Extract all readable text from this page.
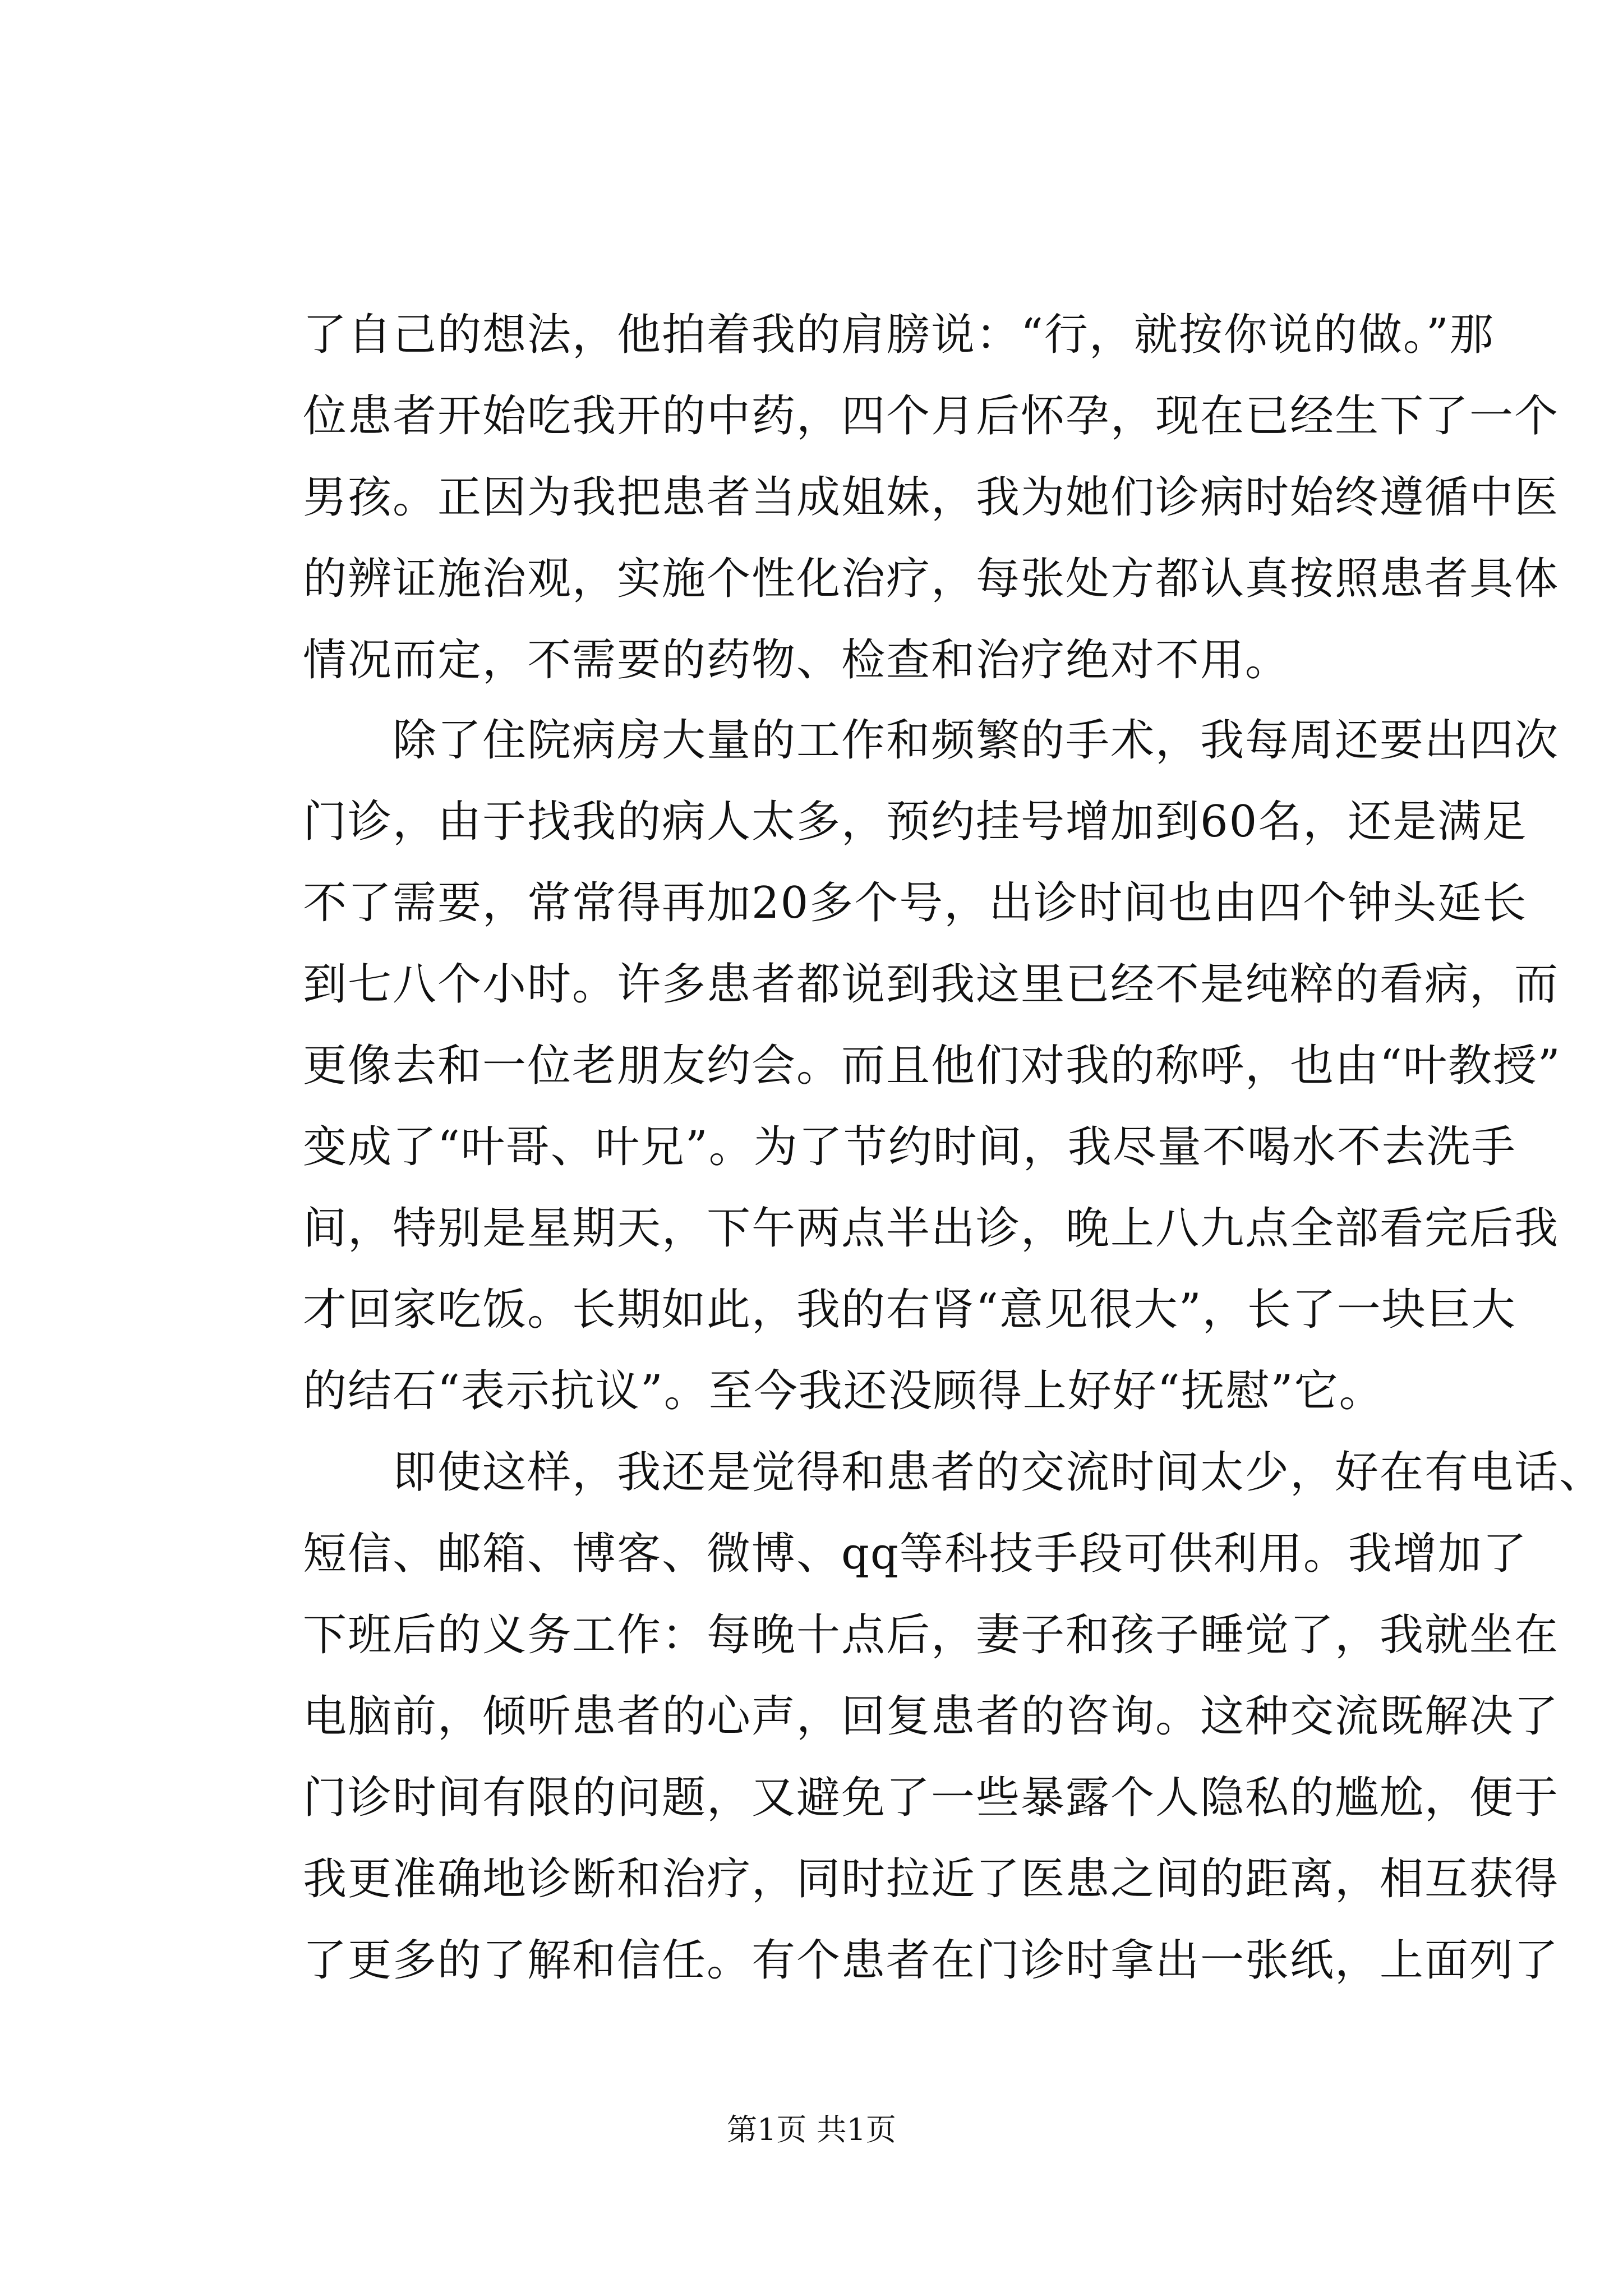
了自己的想法，他拍着我的肩膀说：“行，就按你说的做。”那
位患者开始吃我开的中药，四个月后怀孕，现在已经生下了一个
男孩。正因为我把患者当成姐妹，我为她们诊病时始终遵循中医
的辨证施治观，实施个性化治疗，每张处方都认真按照患者具体
情况而定，不需要的药物、检查和治疗绝对不用。
　　除了住院病房大量的工作和频繁的手术，我每周还要出四次
门诊，由于找我的病人太多，预约挂号增加到60名，还是满足
不了需要，常常得再加20多个号，出诊时间也由四个钟头延长
到七八个小时。许多患者都说到我这里已经不是纯粹的看病，而
更像去和一位老朋友约会。而且他们对我的称呼，也由“叶教授”
变成了“叶哥、叶兄”。为了节约时间，我尽量不喝水不去洗手
间，特别是星期天，下午两点半出诊，晚上八九点全部看完后我
才回家吃饭。长期如此，我的右肾“意见很大”，长了一块巨大
的结石“表示抗议”。至今我还没顾得上好好“抚慰”它。
　　即使这样，我还是觉得和患者的交流时间太少，好在有电话、
短信、邮箱、博客、微博、qq等科技手段可供利用。我增加了
下班后的义务工作：每晚十点后，妻子和孩子睡觉了，我就坐在
电脑前，倾听患者的心声，回复患者的咨询。这种交流既解决了
门诊时间有限的问题，又避免了一些暴露个人隐私的尴尬，便于
我更准确地诊断和治疗，同时拉近了医患之间的距离，相互获得
了更多的了解和信任。有个患者在门诊时拿出一张纸，上面列了
第1页 共1页
